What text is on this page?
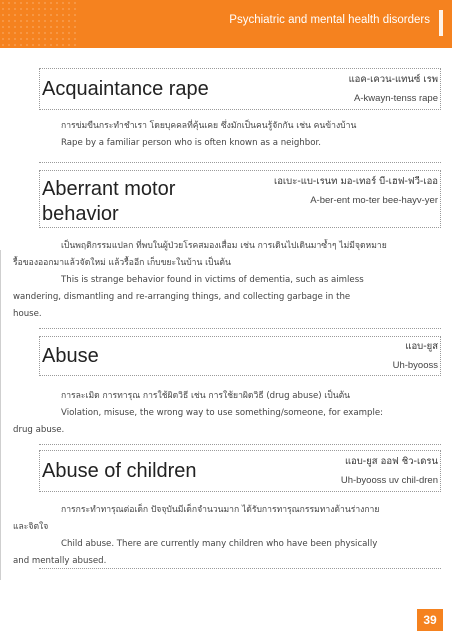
Psychiatric and mental health disorders
Acquaintance rape	แอค-เควน-แทนซ์ เรพ
A-kwayn-tenss rape
การข่มขืนกระทำชำเรา โดยบุคคลที่คุ้นเคย ซึ่งมักเป็นคนรู้จักกัน เช่น คนข้างบ้าน
Rape by a familiar person who is often known as a neighbor.
Aberrant motor
behavior
เอเบะ-แบ-เรนท มอ-เทอร์ บี-เฮฟ-ฟวี-เออ
A-ber-ent mo-ter bee-hayv-yer
เป็นพฤติกรรมแปลก ที่พบในผู้ป่วยโรคสมองเสื่อม เช่น การเดินไปเดินมาซ้ำๆ ไม่มีจุดหมาย
รื้อของออกมาแล้วจัดใหม่ แล้วรื้ออีก เก็บขยะในบ้าน เป็นต้น
This is strange behavior found in victims of dementia, such as aimless
wandering, dismantling and re-arranging things, and collecting garbage in the
house.
Abuse	แอบ-ยูส
Uh-byooss
การละเมิด การทารุณ การใช้ผิดวิธี เช่น การใช้ยาผิดวิธี (drug abuse) เป็นต้น
Violation, misuse, the wrong way to use something/someone, for example:
drug abuse.
Abuse of children	แอบ-ยูส ออฟ ชิว-เดรน
Uh-byooss uv chil-dren
การกระทำทารุณต่อเด็ก ปัจจุบันมีเด็กจำนวนมาก ได้รับการทารุณกรรมทางด้านร่างกาย
และจิตใจ
Child abuse. There are currently many children who have been physically
and mentally abused.
39
